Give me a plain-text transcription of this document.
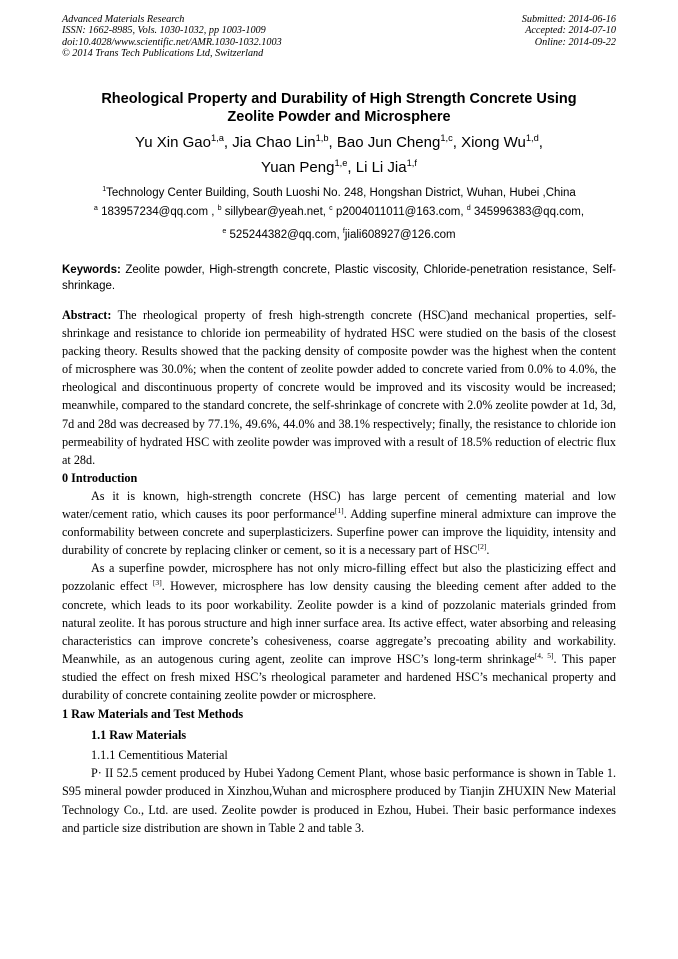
Advanced Materials Research
ISSN: 1662-8985, Vols. 1030-1032, pp 1003-1009
doi:10.4028/www.scientific.net/AMR.1030-1032.1003
© 2014 Trans Tech Publications Ltd, Switzerland
Submitted: 2014-06-16
Accepted: 2014-07-10
Online: 2014-09-22
Rheological Property and Durability of High Strength Concrete Using
Zeolite Powder and Microsphere
Yu Xin Gao$^{1,a}$, Jia Chao Lin$^{1,b}$, Bao Jun Cheng$^{1,c}$, Xiong Wu$^{1,d}$,
Yuan Peng$^{1,e}$, Li Li Jia$^{1,f}$
$^1$Technology Center Building, South Luoshi No. 248, Hongshan District, Wuhan, Hubei ,China
$^a$ 183957234@qq.com , $^b$ sillybear@yeah.net, $^c$ p2004011011@163.com, $^d$ 345996383@qq.com,
$^e$ 525244382@qq.com, $^f$jiali608927@126.com
Keywords: Zeolite powder, High-strength concrete, Plastic viscosity, Chloride-penetration resistance, Self-shrinkage.

Abstract: The rheological property of fresh high-strength concrete (HSC)and mechanical properties, self-shrinkage and resistance to chloride ion permeability of hydrated HSC were studied on the basis of the closest packing theory. Results showed that the packing density of composite powder was the highest when the content of microsphere was 30.0%; when the content of zeolite powder added to concrete varied from 0.0% to 4.0%, the rheological and discontinuous property of concrete would be improved and its viscosity would be increased; meanwhile, compared to the standard concrete, the self-shrinkage of concrete with 2.0% zeolite powder at 1d, 3d, 7d and 28d was decreased by 77.1%, 49.6%, 44.0% and 38.1% respectively; finally, the resistance to chloride ion permeability of hydrated HSC with zeolite powder was improved with a result of 18.5% reduction of electric flux at 28d.

0 Introduction

As it is known, high-strength concrete (HSC) has large percent of cementing material and low water/cement ratio, which causes its poor performance[1]. Adding superfine mineral admixture can improve the conformability between concrete and superplasticizers. Superfine power can improve the liquidity, intensity and durability of concrete by replacing clinker or cement, so it is a necessary part of HSC[2].

As a superfine powder, microsphere has not only micro-filling effect but also the plasticizing effect and pozzolanic effect [3]. However, microsphere has low density causing the bleeding cement after added to the concrete, which leads to its poor workability. Zeolite powder is a kind of pozzolanic materials grinded from natural zeolite. It has porous structure and high inner surface area. Its active effect, water absorbing and releasing characteristics can improve concrete’s cohesiveness, coarse aggregate’s precoating ability and workability. Meanwhile, as an autogenous curing agent, zeolite can improve HSC’s long-term shrinkage[4, 5]. This paper studied the effect on fresh mixed HSC’s rheological parameter and hardened HSC’s mechanical property and durability of concrete containing zeolite powder or microsphere.

1 Raw Materials and Test Methods

1.1 Raw Materials

1.1.1 Cementitious Material

P· II 52.5 cement produced by Hubei Yadong Cement Plant, whose basic performance is shown in Table 1. S95 mineral powder produced in Xinzhou,Wuhan and microsphere produced by Tianjin ZHUXIN New Material Technology Co., Ltd. are used. Zeolite powder is produced in Ezhou, Hubei. Their basic performance indexes and particle size distribution are shown in Table 2 and table 3.
